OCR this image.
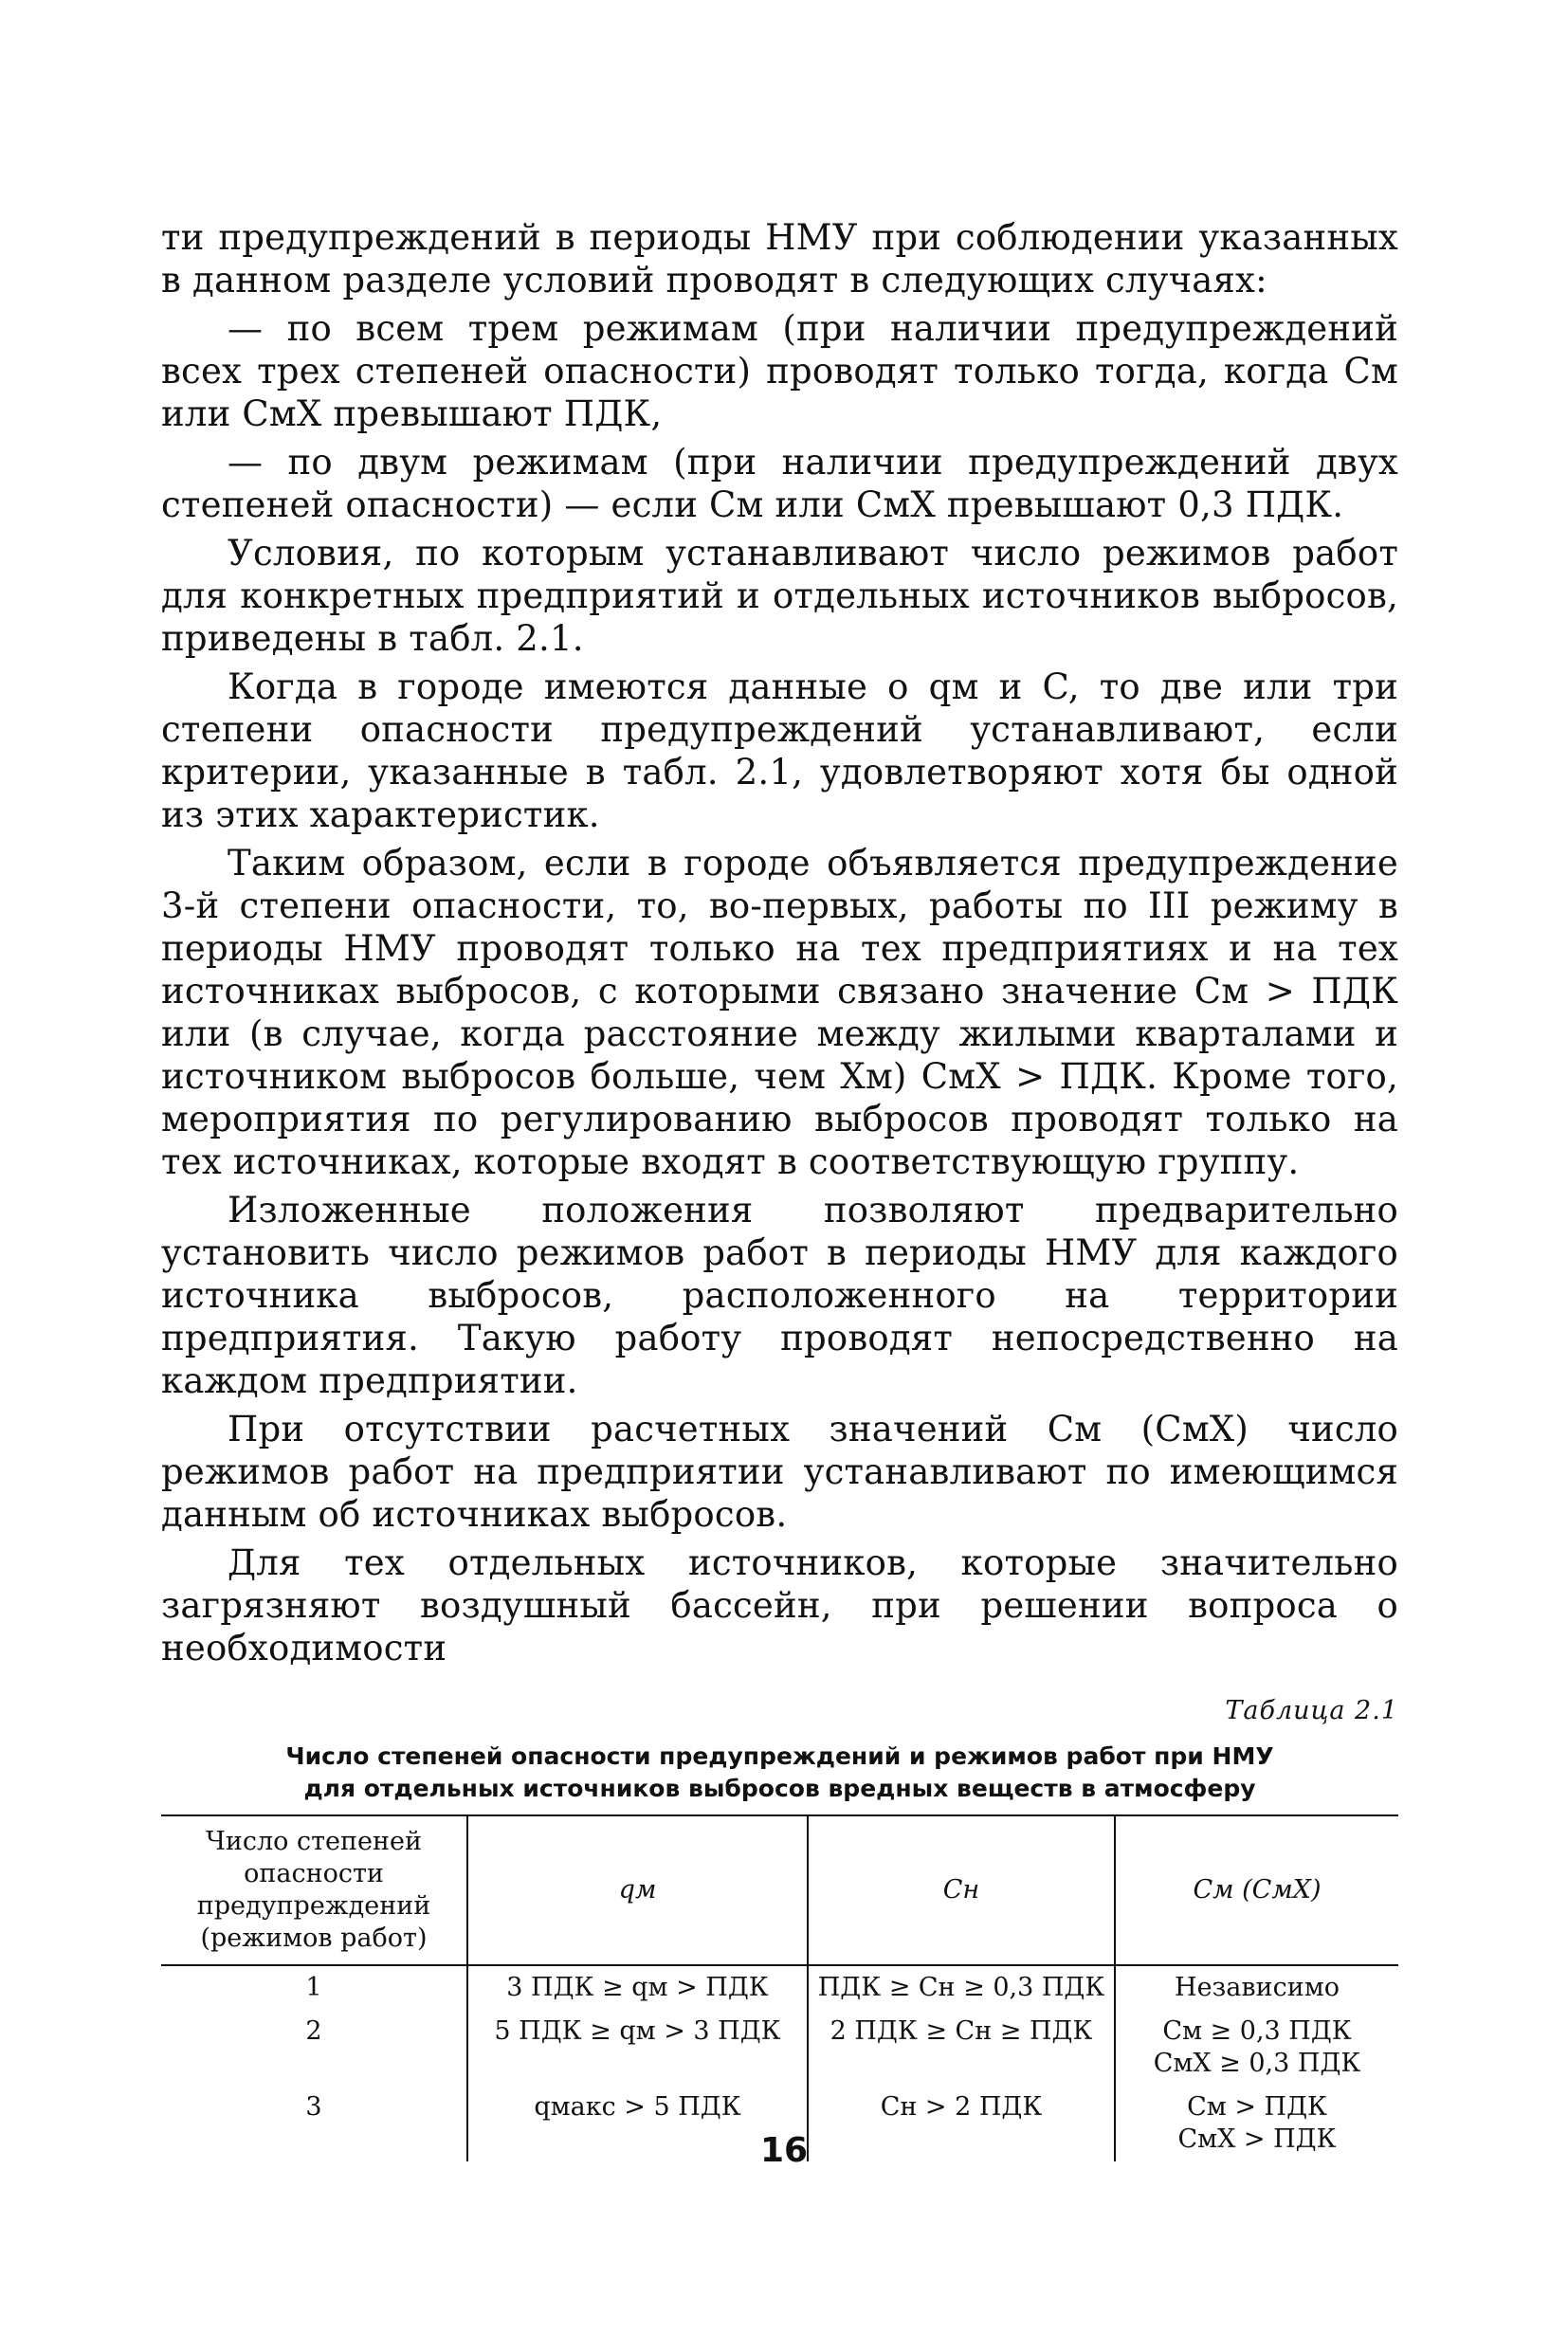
ти предупреждений в периоды НМУ при соблюдении указанных в данном разделе условий проводят в следующих случаях:

— по всем трем режимам (при наличии предупреждений всех трех степеней опасности) проводят только тогда, когда Cм или CмX превышают ПДК,

— по двум режимам (при наличии предупреждений двух степеней опасности) — если Cм или CмX превышают 0,3 ПДК.

Условия, по которым устанавливают число режимов работ для конкретных предприятий и отдельных источников выбросов, приведены в табл. 2.1.

Когда в городе имеются данные о qм и C, то две или три степени опасности предупреждений устанавливают, если критерии, указанные в табл. 2.1, удовлетворяют хотя бы одной из этих характеристик.

Таким образом, если в городе объявляется предупреждение 3-й степени опасности, то, во-первых, работы по III режиму в периоды НМУ проводят только на тех предприятиях и на тех источниках выбросов, с которыми связано значение Cм > ПДК или (в случае, когда расстояние между жилыми кварталами и источником выбросов больше, чем Xм) CмX > ПДК. Кроме того, мероприятия по регулированию выбросов проводят только на тех источниках, которые входят в соответствующую группу.

Изложенные положения позволяют предварительно установить число режимов работ в периоды НМУ для каждого источника выбросов, расположенного на территории предприятия. Такую работу проводят непосредственно на каждом предприятии.

При отсутствии расчетных значений Cм (CмX) число режимов работ на предприятии устанавливают по имеющимся данным об источниках выбросов.

Для тех отдельных источников, которые значительно загрязняют воздушный бассейн, при решении вопроса о необходимости

Таблица 2.1
Число степеней опасности предупреждений и режимов работ при НМУ
для отдельных источников выбросов вредных веществ в атмосферу
Число степеней опасности предупреждений (режимов работ)	qм	Cн	Cм (CмX)
1	3 ПДК ≥ qм > ПДК	ПДК ≥ Cн ≥ 0,3 ПДК	Независимо

2	5 ПДК ≥ qм > 3 ПДК	2 ПДК ≥ Cн ≥ ПДК	Cм ≥ 0,3 ПДК
CмX ≥ 0,3 ПДК

3	qмакс > 5 ПДК	Cн > 2 ПДК	Cм > ПДК
CмX > ПДК
16
